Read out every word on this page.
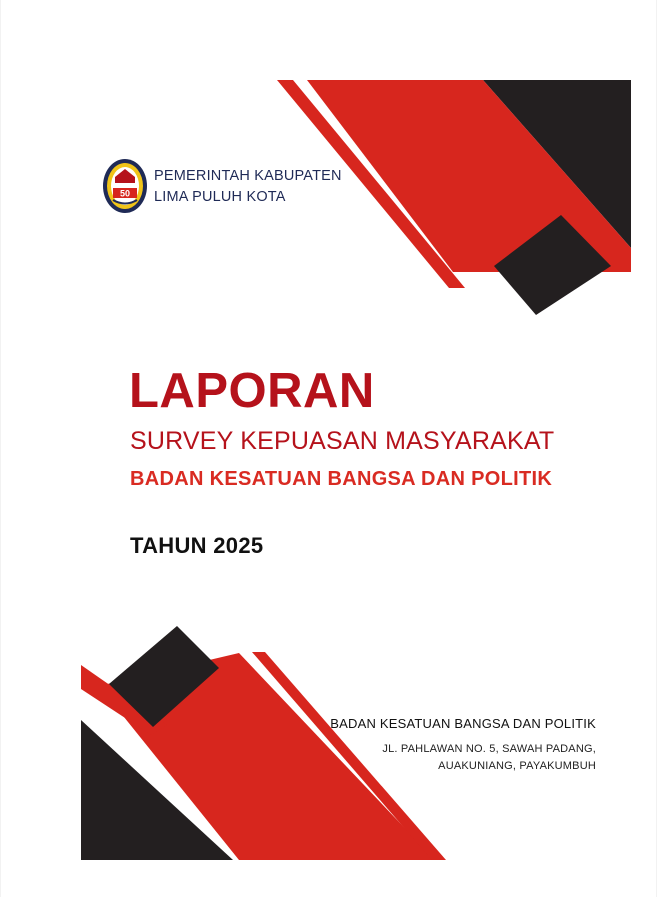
50
PEMERINTAH KABUPATEN
LIMA PULUH KOTA
LAPORAN
SURVEY KEPUASAN MASYARAKAT
BADAN KESATUAN BANGSA DAN POLITIK
TAHUN 2025
BADAN KESATUAN BANGSA DAN POLITIK
JL. PAHLAWAN NO. 5, SAWAH PADANG,
AUAKUNIANG, PAYAKUMBUH
